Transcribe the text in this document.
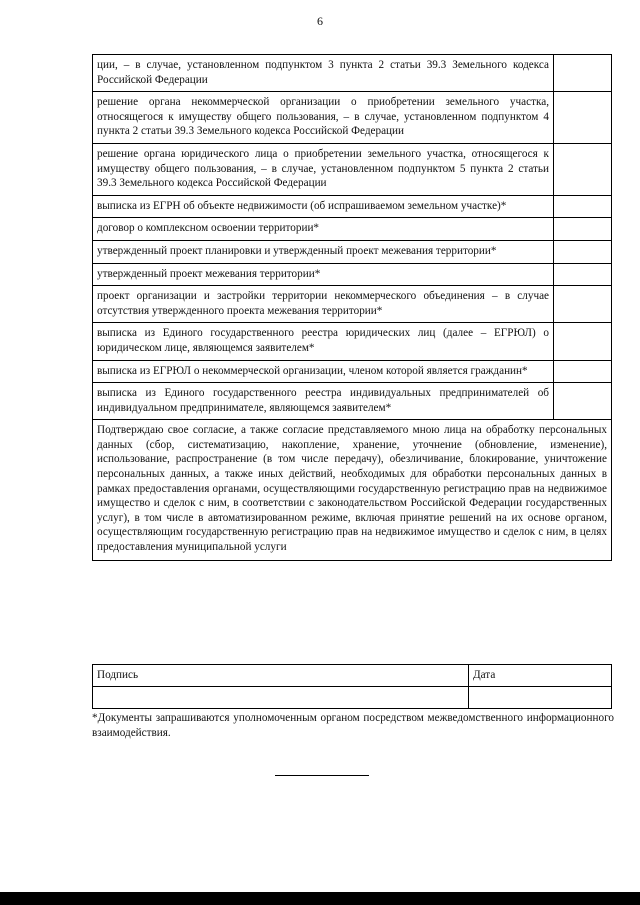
6
ции, – в случае, установленном подпунктом 3 пункта 2 статьи 39.3 Земельного кодекса Российской Федерации	
решение органа некоммерческой организации о приобретении земельного участка, относящегося к имуществу общего пользования, – в случае, установленном подпунктом 4 пункта 2 статьи 39.3 Земельного кодекса Российской Федерации	
решение органа юридического лица о приобретении земельного участка, относящегося к имуществу общего пользования, – в случае, установленном подпунктом 5 пункта 2 статьи 39.3 Земельного кодекса Российской Федерации	
выписка из ЕГРН об объекте недвижимости (об испрашиваемом земельном участке)*	
договор о комплексном освоении территории*	
утвержденный проект планировки и утвержденный проект межевания территории*	
утвержденный проект межевания территории*	
проект организации и застройки территории некоммерческого объединения – в случае отсутствия утвержденного проекта межевания территории*	
выписка из Единого государственного реестра юридических лиц (далее – ЕГРЮЛ) о юридическом лице, являющемся заявителем*	
выписка из ЕГРЮЛ о некоммерческой организации, членом которой является гражданин*	
выписка из Единого государственного реестра индивидуальных предпринимателей об индивидуальном предпринимателе, являющемся заявителем*	
Подтверждаю свое согласие, а также согласие представляемого мною лица на обработку персональных данных (сбор, систематизацию, накопление, хранение, уточнение (обновление, изменение), использование, распространение (в том числе передачу), обезличивание, блокирование, уничтожение персональных данных, а также иных действий, необходимых для обработки персональных данных в рамках предоставления органами, осуществляющими государственную регистрацию прав на недвижимое имущество и сделок с ним, в соответствии с законодательством Российской Федерации государственных услуг), в том числе в автоматизированном режиме, включая принятие решений на их основе органом, осуществляющим государственную регистрацию прав на недвижимое имущество и сделок с ним, в целях предоставления муниципальной услуги	
Подпись	Дата

*Документы запрашиваются уполномоченным органом посредством межведомственного информационного взаимодействия.
